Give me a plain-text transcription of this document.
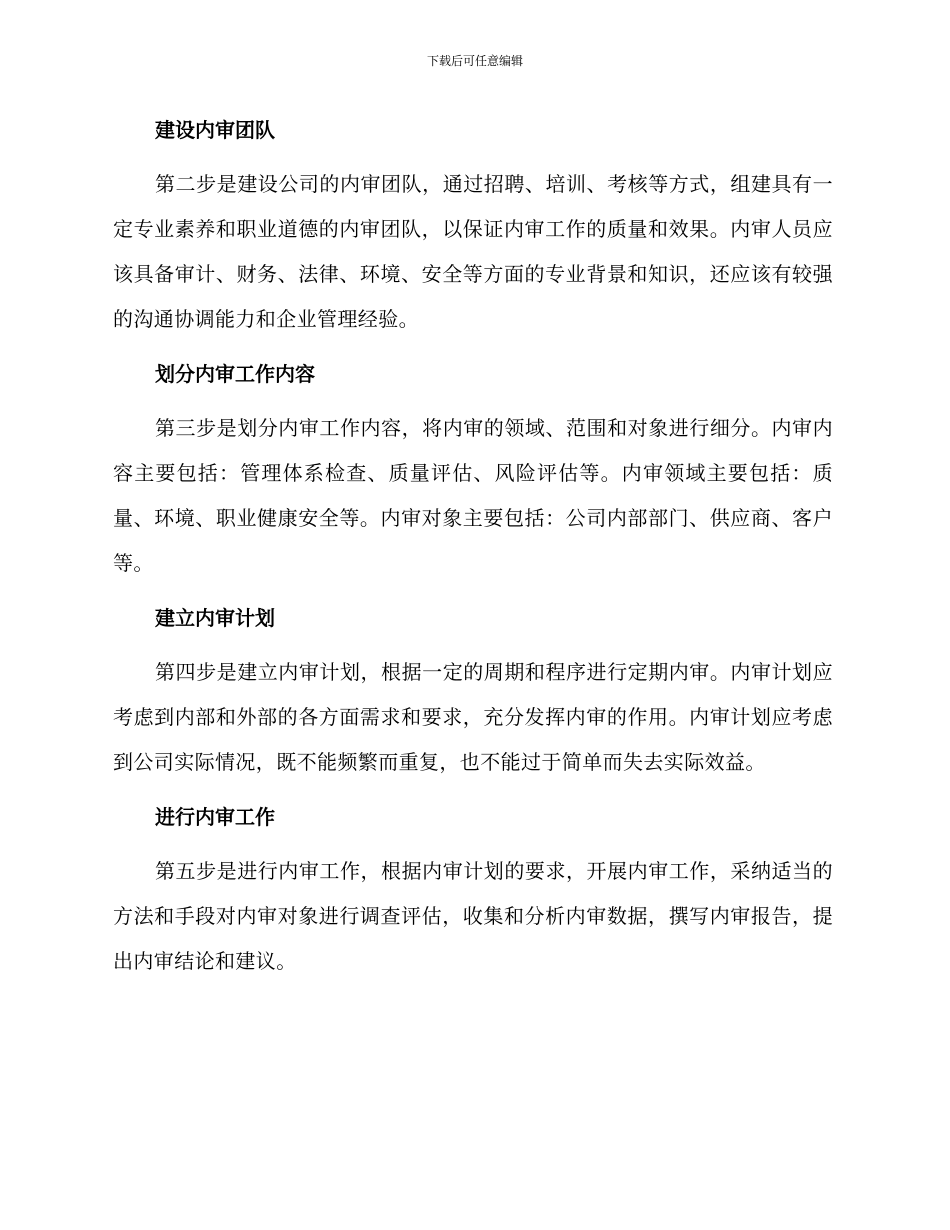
下载后可任意编辑
建设内审团队

第二步是建设公司的内审团队，通过招聘、培训、考核等方式，组建具有一定专业素养和职业道德的内审团队，以保证内审工作的质量和效果。内审人员应该具备审计、财务、法律、环境、安全等方面的专业背景和知识，还应该有较强的沟通协调能力和企业管理经验。

划分内审工作内容

第三步是划分内审工作内容，将内审的领域、范围和对象进行细分。内审内容主要包括：管理体系检查、质量评估、风险评估等。内审领域主要包括：质量、环境、职业健康安全等。内审对象主要包括：公司内部部门、供应商、客户等。

建立内审计划

第四步是建立内审计划，根据一定的周期和程序进行定期内审。内审计划应考虑到内部和外部的各方面需求和要求，充分发挥内审的作用。内审计划应考虑到公司实际情况，既不能频繁而重复，也不能过于简单而失去实际效益。

进行内审工作

第五步是进行内审工作，根据内审计划的要求，开展内审工作，采纳适当的方法和手段对内审对象进行调查评估，收集和分析内审数据，撰写内审报告，提出内审结论和建议。
